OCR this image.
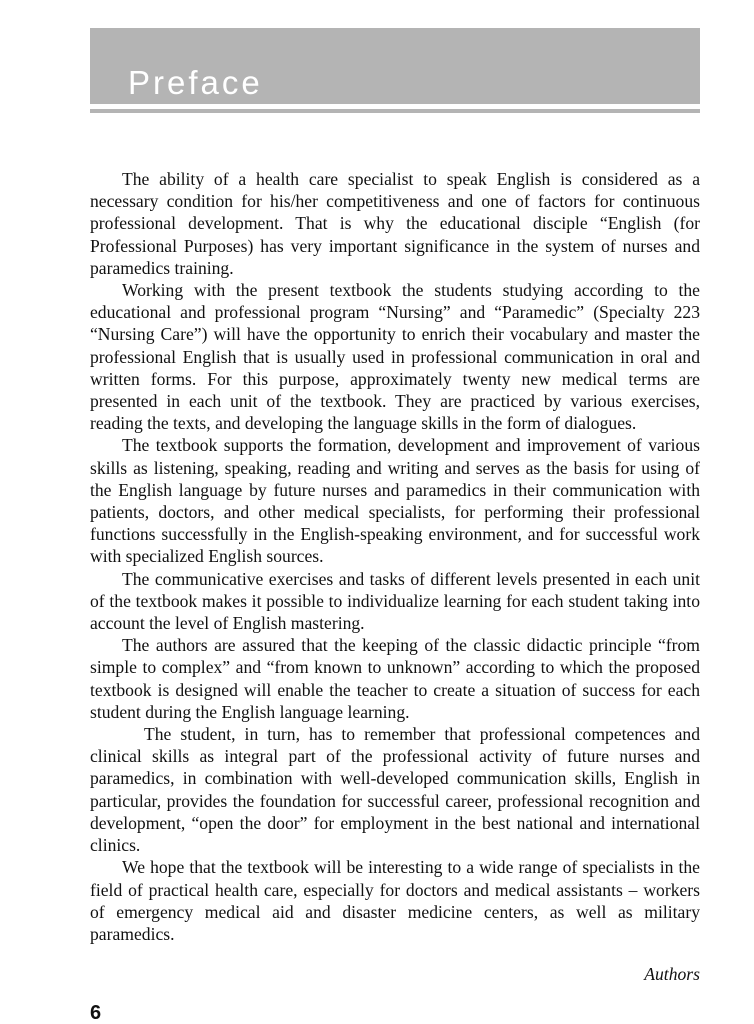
Preface

The ability of a health care specialist to speak English is considered as a necessary condition for his/her competitiveness and one of factors for continuous professional development. That is why the educational disciple “English (for Professional Purposes) has very important significance in the system of nurses and paramedics training.

Working with the present textbook the students studying according to the educational and professional program “Nursing” and “Paramedic” (Specialty 223 “Nursing Care”) will have the opportunity to enrich their vocabulary and master the professional English that is usually used in professional communication in oral and written forms. For this purpose, approximately twenty new medical terms are presented in each unit of the textbook. They are practiced by various exercises, reading the texts, and developing the language skills in the form of dialogues.

The textbook supports the formation, development and improvement of various skills as listening, speaking, reading and writing and serves as the basis for using of the English language by future nurses and paramedics in their communication with patients, doctors, and other medical specialists, for performing their professional functions successfully in the English-speaking environment, and for successful work with specialized English sources.

The communicative exercises and tasks of different levels presented in each unit of the textbook makes it possible to individualize learning for each student taking into account the level of English mastering.

The authors are assured that the keeping of the classic didactic principle “from simple to complex” and “from known to unknown” according to which the proposed textbook is designed will enable the teacher to create a situation of success for each student during the English language learning.

The student, in turn, has to remember that professional competences and clinical skills as integral part of the professional activity of future nurses and paramedics, in combination with well-developed communication skills, English in particular, provides the foundation for successful career, professional recognition and development, “open the door” for employment in the best national and international clinics.

We hope that the textbook will be interesting to a wide range of specialists in the field of practical health care, especially for doctors and medical assistants – workers of emergency medical aid and disaster medicine centers, as well as military paramedics.

Authors
6
